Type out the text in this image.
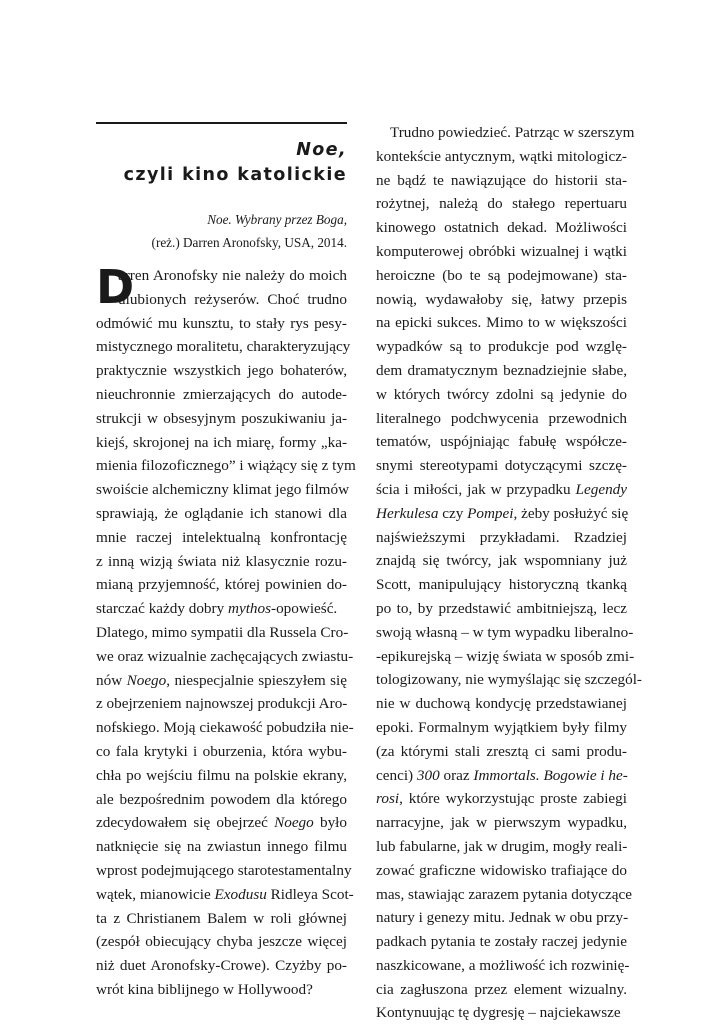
Noe,
czyli kino katolickie
Noe. Wybrany przez Boga,
(reż.) Darren Aronofsky, USA, 2014.
D
arren Aronofsky nie należy do moich
ulubionych reżyserów. Choć trudno
odmówić mu kunsztu, to stały rys pesy-
mistycznego moralitetu, charakteryzujący
praktycznie wszystkich jego bohaterów,
nieuchronnie zmierzających do autode-
strukcji w obsesyjnym poszukiwaniu ja-
kiejś, skrojonej na ich miarę, formy „ka-
mienia filozoficznego” i wiążący się z tym
swoiście alchemiczny klimat jego filmów
sprawiają, że oglądanie ich stanowi dla
mnie raczej intelektualną konfrontację
z inną wizją świata niż klasycznie rozu-
mianą przyjemność, której powinien do-
starczać każdy dobry mythos-opowieść.
Dlatego, mimo sympatii dla Russela Cro-
we oraz wizualnie zachęcających zwiastu-
nów Noego, niespecjalnie spieszyłem się
z obejrzeniem najnowszej produkcji Aro-
nofskiego. Moją ciekawość pobudziła nie-
co fala krytyki i oburzenia, która wybu-
chła po wejściu filmu na polskie ekrany,
ale bezpośrednim powodem dla którego
zdecydowałem się obejrzeć Noego było
natknięcie się na zwiastun innego filmu
wprost podejmującego starotestamentalny
wątek, mianowicie Exodusu Ridleya Scot-
ta z Christianem Balem w roli głównej
(zespół obiecujący chyba jeszcze więcej
niż duet Aronofsky-Crowe). Czyżby po-
wrót kina biblijnego w Hollywood?
Trudno powiedzieć. Patrząc w szerszym
kontekście antycznym, wątki mitologicz-
ne bądź te nawiązujące do historii sta-
rożytnej, należą do stałego repertuaru
kinowego ostatnich dekad. Możliwości
komputerowej obróbki wizualnej i wątki
heroiczne (bo te są podejmowane) sta-
nowią, wydawałoby się, łatwy przepis
na epicki sukces. Mimo to w większości
wypadków są to produkcje pod wzglę-
dem dramatycznym beznadziejnie słabe,
w których twórcy zdolni są jedynie do
literalnego podchwycenia przewodnich
tematów, uspójniając fabułę współcze-
snymi stereotypami dotyczącymi szczę-
ścia i miłości, jak w przypadku Legendy
Herkulesa czy Pompei, żeby posłużyć się
najświeższymi przykładami. Rzadziej
znajdą się twórcy, jak wspomniany już
Scott, manipulujący historyczną tkanką
po to, by przedstawić ambitniejszą, lecz
swoją własną – w tym wypadku liberalno-
-epikurejską – wizję świata w sposób zmi-
tologizowany, nie wymyślając się szczegól-
nie w duchową kondycję przedstawianej
epoki. Formalnym wyjątkiem były filmy
(za którymi stali zresztą ci sami produ-
cenci) 300 oraz Immortals. Bogowie i he-
rosi, które wykorzystując proste zabiegi
narracyjne, jak w pierwszym wypadku,
lub fabularne, jak w drugim, mogły reali-
zować graficzne widowisko trafiające do
mas, stawiając zarazem pytania dotyczące
natury i genezy mitu. Jednak w obu przy-
padkach pytania te zostały raczej jedynie
naszkicowane, a możliwość ich rozwinię-
cia zagłuszona przez element wizualny.
Kontynuując tę dygresję – najciekawsze
